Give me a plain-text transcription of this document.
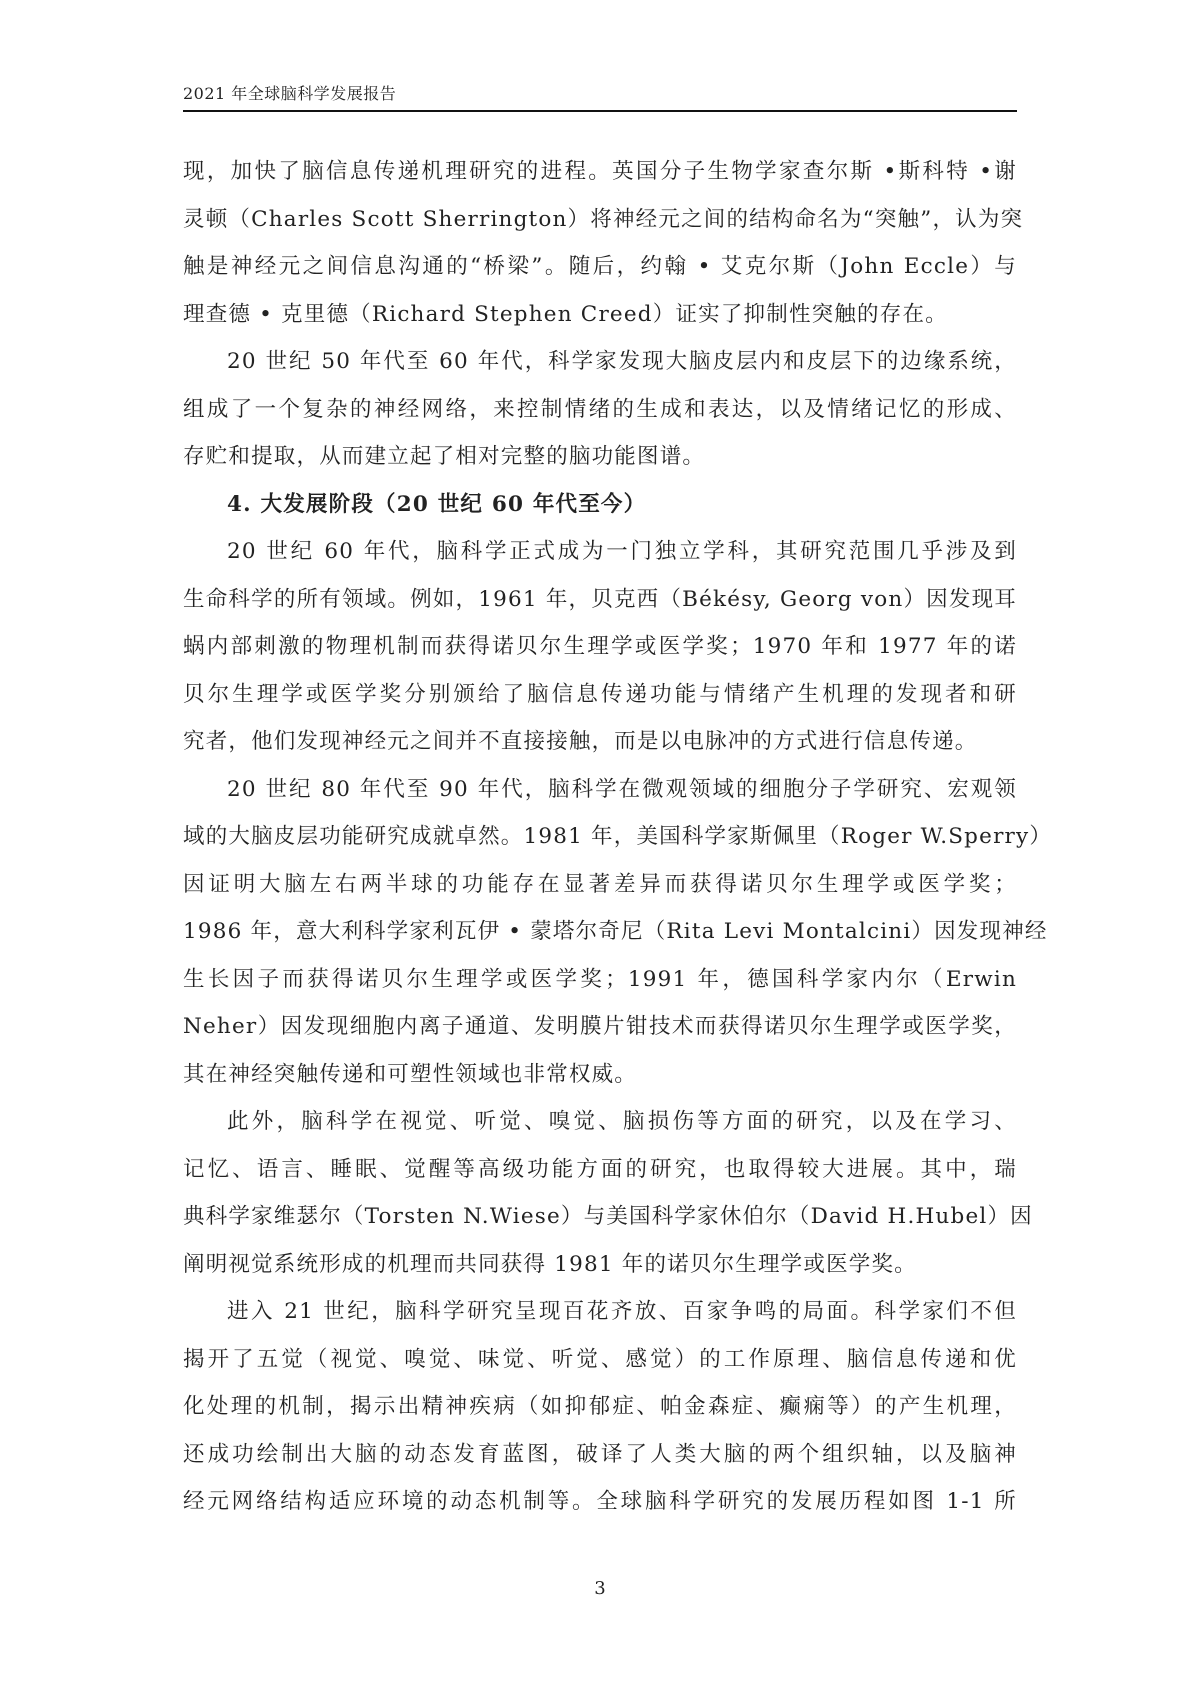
2021 年全球脑科学发展报告
现，加快了脑信息传递机理研究的进程。英国分子生物学家查尔斯 •斯科特 •谢
灵顿（Charles Scott Sherrington）将神经元之间的结构命名为“突触”，认为突
触是神经元之间信息沟通的“桥梁”。随后，约翰 • 艾克尔斯（John Eccle）与
理查德 • 克里德（Richard Stephen Creed）证实了抑制性突触的存在。
20 世纪 50 年代至 60 年代，科学家发现大脑皮层内和皮层下的边缘系统，
组成了一个复杂的神经网络，来控制情绪的生成和表达，以及情绪记忆的形成、
存贮和提取，从而建立起了相对完整的脑功能图谱。
4. 大发展阶段（20 世纪 60 年代至今）
20 世纪 60 年代，脑科学正式成为一门独立学科，其研究范围几乎涉及到
生命科学的所有领域。例如，1961 年，贝克西（Békésy, Georg von）因发现耳
蜗内部刺激的物理机制而获得诺贝尔生理学或医学奖；1970 年和 1977 年的诺
贝尔生理学或医学奖分别颁给了脑信息传递功能与情绪产生机理的发现者和研
究者，他们发现神经元之间并不直接接触，而是以电脉冲的方式进行信息传递。
20 世纪 80 年代至 90 年代，脑科学在微观领域的细胞分子学研究、宏观领
域的大脑皮层功能研究成就卓然。1981 年，美国科学家斯佩里（Roger W.Sperry）
因证明大脑左右两半球的功能存在显著差异而获得诺贝尔生理学或医学奖；
1986 年，意大利科学家利瓦伊 • 蒙塔尔奇尼（Rita Levi Montalcini）因发现神经
生长因子而获得诺贝尔生理学或医学奖；1991 年，德国科学家内尔（Erwin
Neher）因发现细胞内离子通道、发明膜片钳技术而获得诺贝尔生理学或医学奖，
其在神经突触传递和可塑性领域也非常权威。
此外，脑科学在视觉、听觉、嗅觉、脑损伤等方面的研究，以及在学习、
记忆、语言、睡眠、觉醒等高级功能方面的研究，也取得较大进展。其中，瑞
典科学家维瑟尔（Torsten N.Wiese）与美国科学家休伯尔（David H.Hubel）因
阐明视觉系统形成的机理而共同获得 1981 年的诺贝尔生理学或医学奖。
进入 21 世纪，脑科学研究呈现百花齐放、百家争鸣的局面。科学家们不但
揭开了五觉（视觉、嗅觉、味觉、听觉、感觉）的工作原理、脑信息传递和优
化处理的机制，揭示出精神疾病（如抑郁症、帕金森症、癫痫等）的产生机理，
还成功绘制出大脑的动态发育蓝图，破译了人类大脑的两个组织轴，以及脑神
经元网络结构适应环境的动态机制等。全球脑科学研究的发展历程如图 1-1 所
3
